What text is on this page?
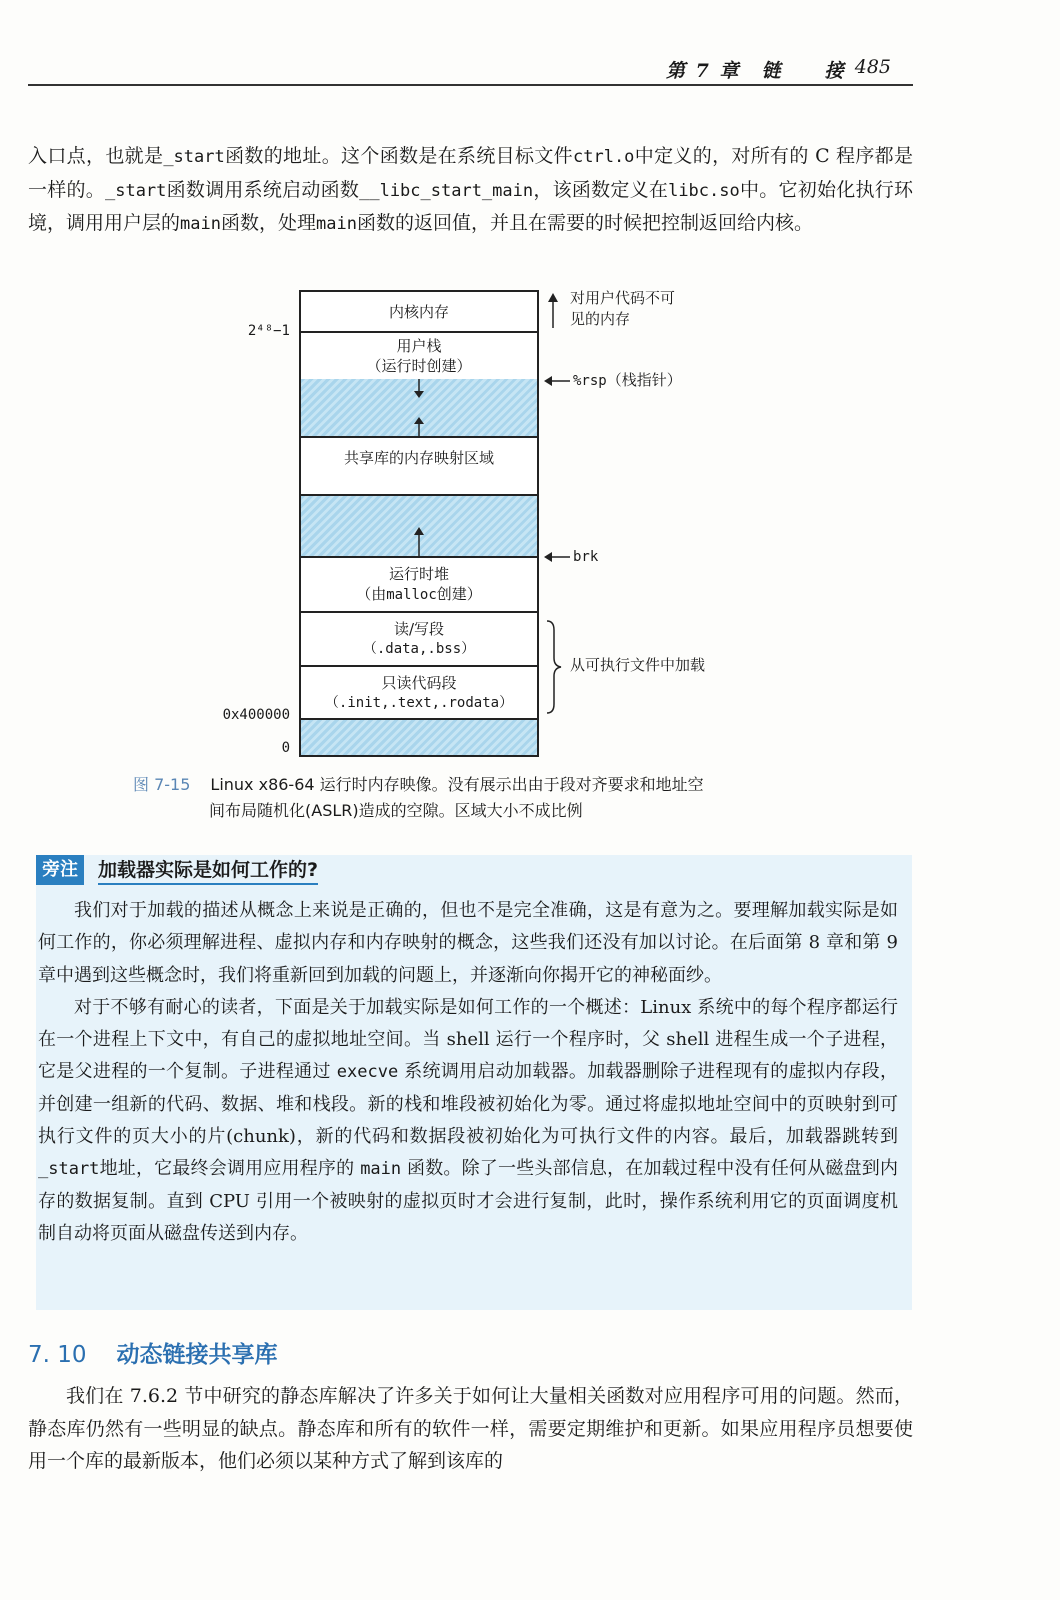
第 7 章　链　　接 485
入口点，也就是_start函数的地址。这个函数是在系统目标文件ctrl.o中定义的，对所有的 C 程序都是一样的。_start函数调用系统启动函数__libc_start_main，该函数定义在libc.so中。它初始化执行环境，调用用户层的main函数，处理main函数的返回值，并且在需要的时候把控制返回给内核。
内核内存
用户栈
（运行时创建）
共享库的内存映射区域
运行时堆
（由malloc创建）
读/写段
（.data,.bss）
只读代码段
（.init,.text,.rodata）
2⁴⁸−1
0x400000
0
对用户代码不可
见的内存
%rsp（栈指针）
brk
从可执行文件中加载
图 7-15 Linux x86-64 运行时内存映像。没有展示出由于段对齐要求和地址空
间布局随机化(ASLR)造成的空隙。区域大小不成比例
旁注	加载器实际是如何工作的?

我们对于加载的描述从概念上来说是正确的，但也不是完全准确，这是有意为之。要理解加载实际是如何工作的，你必须理解进程、虚拟内存和内存映射的概念，这些我们还没有加以讨论。在后面第 8 章和第 9 章中遇到这些概念时，我们将重新回到加载的问题上，并逐渐向你揭开它的神秘面纱。

对于不够有耐心的读者，下面是关于加载实际是如何工作的一个概述：Linux 系统中的每个程序都运行在一个进程上下文中，有自己的虚拟地址空间。当 shell 运行一个程序时，父 shell 进程生成一个子进程，它是父进程的一个复制。子进程通过 execve 系统调用启动加载器。加载器删除子进程现有的虚拟内存段，并创建一组新的代码、数据、堆和栈段。新的栈和堆段被初始化为零。通过将虚拟地址空间中的页映射到可执行文件的页大小的片(chunk)，新的代码和数据段被初始化为可执行文件的内容。最后，加载器跳转到_start地址，它最终会调用应用程序的 main 函数。除了一些头部信息，在加载过程中没有任何从磁盘到内存的数据复制。直到 CPU 引用一个被映射的虚拟页时才会进行复制，此时，操作系统利用它的页面调度机制自动将页面从磁盘传送到内存。

7. 10 动态链接共享库

我们在 7.6.2 节中研究的静态库解决了许多关于如何让大量相关函数对应用程序可用的问题。然而，静态库仍然有一些明显的缺点。静态库和所有的软件一样，需要定期维护和更新。如果应用程序员想要使用一个库的最新版本，他们必须以某种方式了解到该库的
